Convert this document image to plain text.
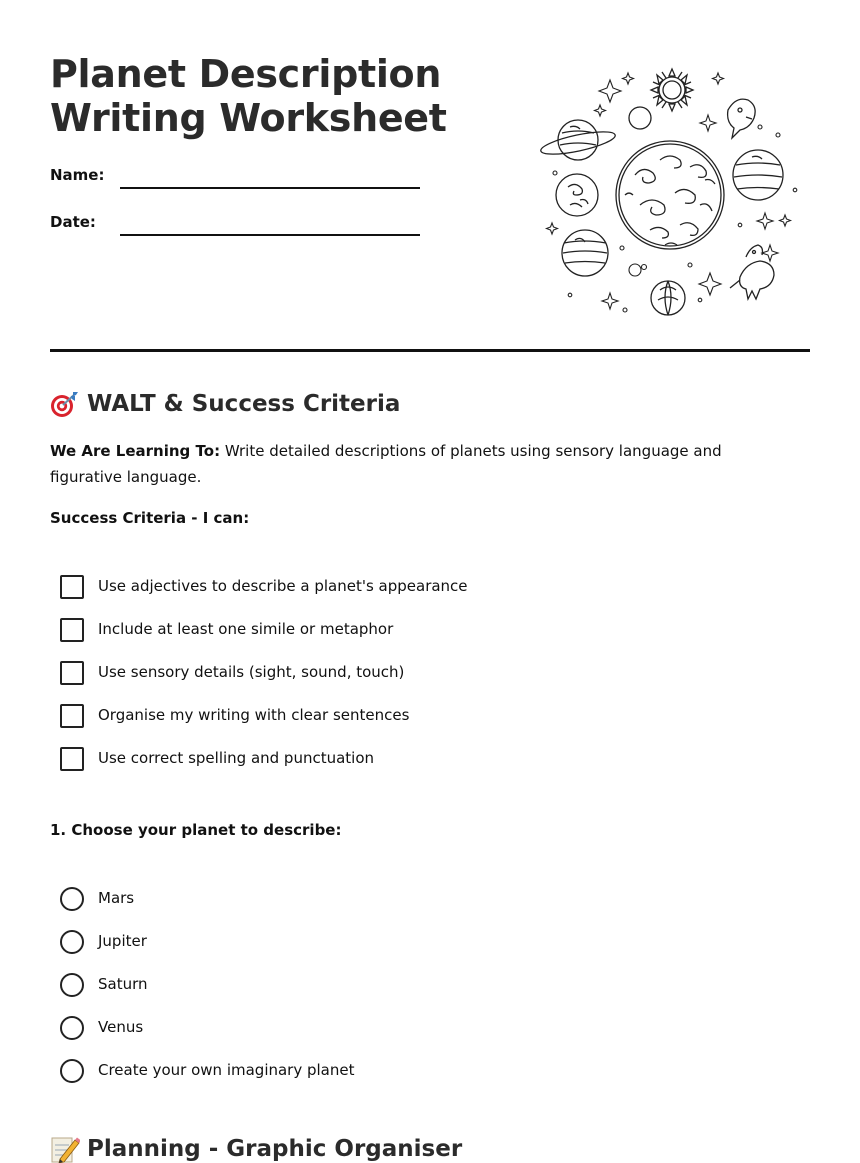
Planet Description
Writing Worksheet
Name:
Date:
WALT & Success Criteria
We Are Learning To: Write detailed descriptions of planets using sensory language and figurative language.
Success Criteria - I can:
Use adjectives to describe a planet's appearance
Include at least one simile or metaphor
Use sensory details (sight, sound, touch)
Organise my writing with clear sentences
Use correct spelling and punctuation
1. Choose your planet to describe:
Mars
Jupiter
Saturn
Venus
Create your own imaginary planet
Planning - Graphic Organiser
